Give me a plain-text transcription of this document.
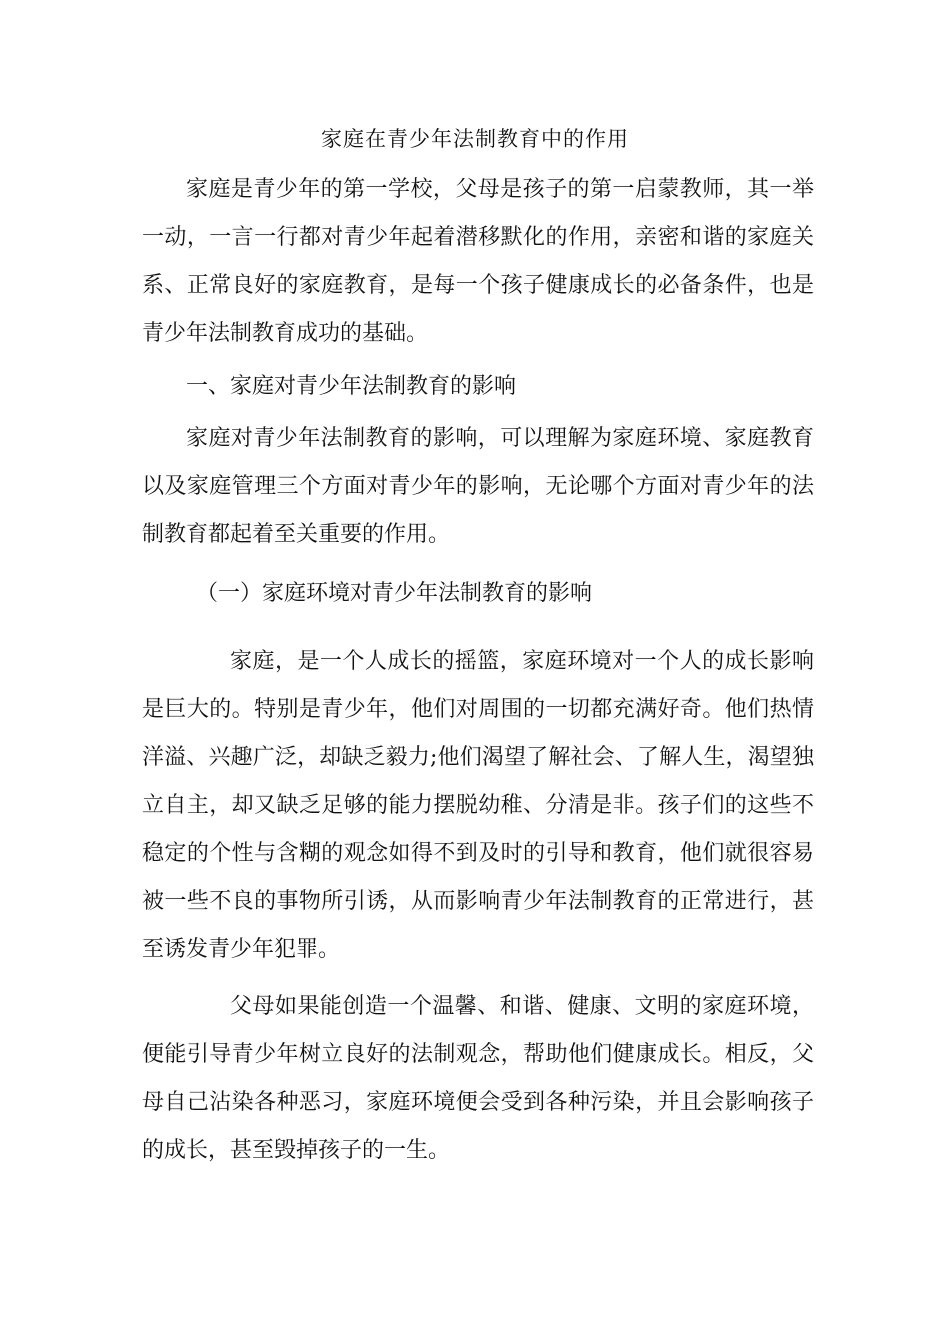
家庭在青少年法制教育中的作用

家庭是青少年的第一学校，父母是孩子的第一启蒙教师，其一举一动，一言一行都对青少年起着潜移默化的作用，亲密和谐的家庭关系、正常良好的家庭教育，是每一个孩子健康成长的必备条件，也是青少年法制教育成功的基础。

一、家庭对青少年法制教育的影响

家庭对青少年法制教育的影响，可以理解为家庭环境、家庭教育以及家庭管理三个方面对青少年的影响，无论哪个方面对青少年的法制教育都起着至关重要的作用。

（一）家庭环境对青少年法制教育的影响

家庭，是一个人成长的摇篮，家庭环境对一个人的成长影响是巨大的。特别是青少年，他们对周围的一切都充满好奇。他们热情洋溢、兴趣广泛，却缺乏毅力;他们渴望了解社会、了解人生，渴望独立自主，却又缺乏足够的能力摆脱幼稚、分清是非。孩子们的这些不稳定的个性与含糊的观念如得不到及时的引导和教育，他们就很容易被一些不良的事物所引诱，从而影响青少年法制教育的正常进行，甚至诱发青少年犯罪。

父母如果能创造一个温馨、和谐、健康、文明的家庭环境，便能引导青少年树立良好的法制观念，帮助他们健康成长。相反，父母自己沾染各种恶习，家庭环境便会受到各种污染，并且会影响孩子的成长，甚至毁掉孩子的一生。
